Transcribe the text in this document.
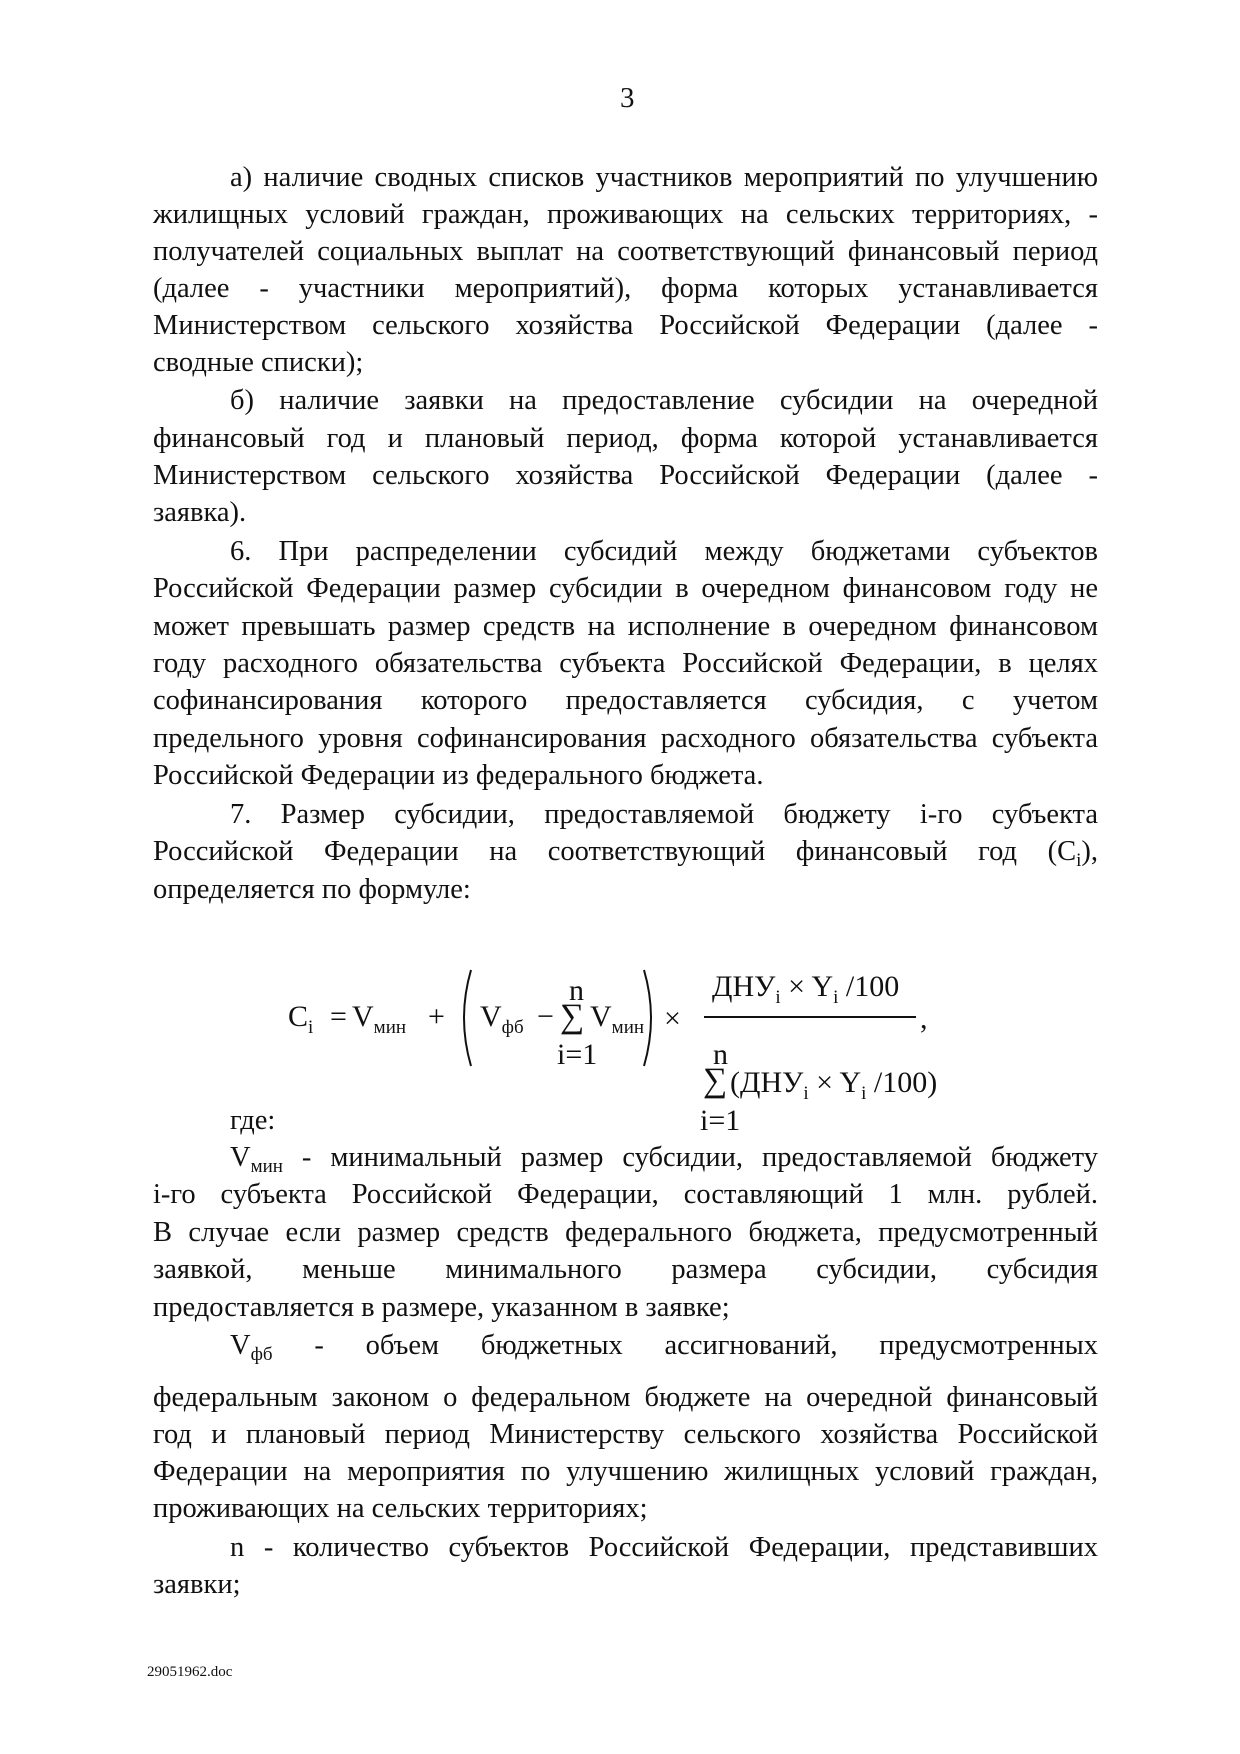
3
а) наличие сводных списков участников мероприятий по улучшению
жилищных условий граждан, проживающих на сельских территориях, -
получателей социальных выплат на соответствующий финансовый период
(далее - участники мероприятий), форма которых устанавливается
Министерством сельского хозяйства Российской Федерации (далее -
сводные списки);
б) наличие заявки на предоставление субсидии на очередной
финансовый год и плановый период, форма которой устанавливается
Министерством сельского хозяйства Российской Федерации (далее -
заявка).
6. При распределении субсидий между бюджетами субъектов
Российской Федерации размер субсидии в очередном финансовом году не
может превышать размер средств на исполнение в очередном финансовом
году расходного обязательства субъекта Российской Федерации, в целях
софинансирования которого предоставляется субсидия, с учетом
предельного уровня софинансирования расходного обязательства субъекта
Российской Федерации из федерального бюджета.
7. Размер субсидии, предоставляемой бюджету i-го субъекта
Российской Федерации на соответствующий финансовый год $(C_i)$,
определяется по формуле:
где:
$V_{мин}$ - минимальный размер субсидии, предоставляемой бюджету
i-го субъекта Российской Федерации, составляющий 1 млн. рублей.
В случае если размер средств федерального бюджета, предусмотренный
заявкой, меньше минимального размера субсидии, субсидия
предоставляется в размере, указанном в заявке;
$V_{фб}$ - объем бюджетных ассигнований, предусмотренных
федеральным законом о федеральном бюджете на очередной финансовый
год и плановый период Министерству сельского хозяйства Российской
Федерации на мероприятия по улучшению жилищных условий граждан,
проживающих на сельских территориях;
n - количество субъектов Российской Федерации, представивших
заявки;
$C_i = V_{мин} + V_{фб}$ −
n
∑
i=1
$V_{мин}$ ×
$ДНУ_i \times Y_i$ /100
n
∑
i=1
($ДНУ_i \times Y_i$ /100)
,
29051962.doc
